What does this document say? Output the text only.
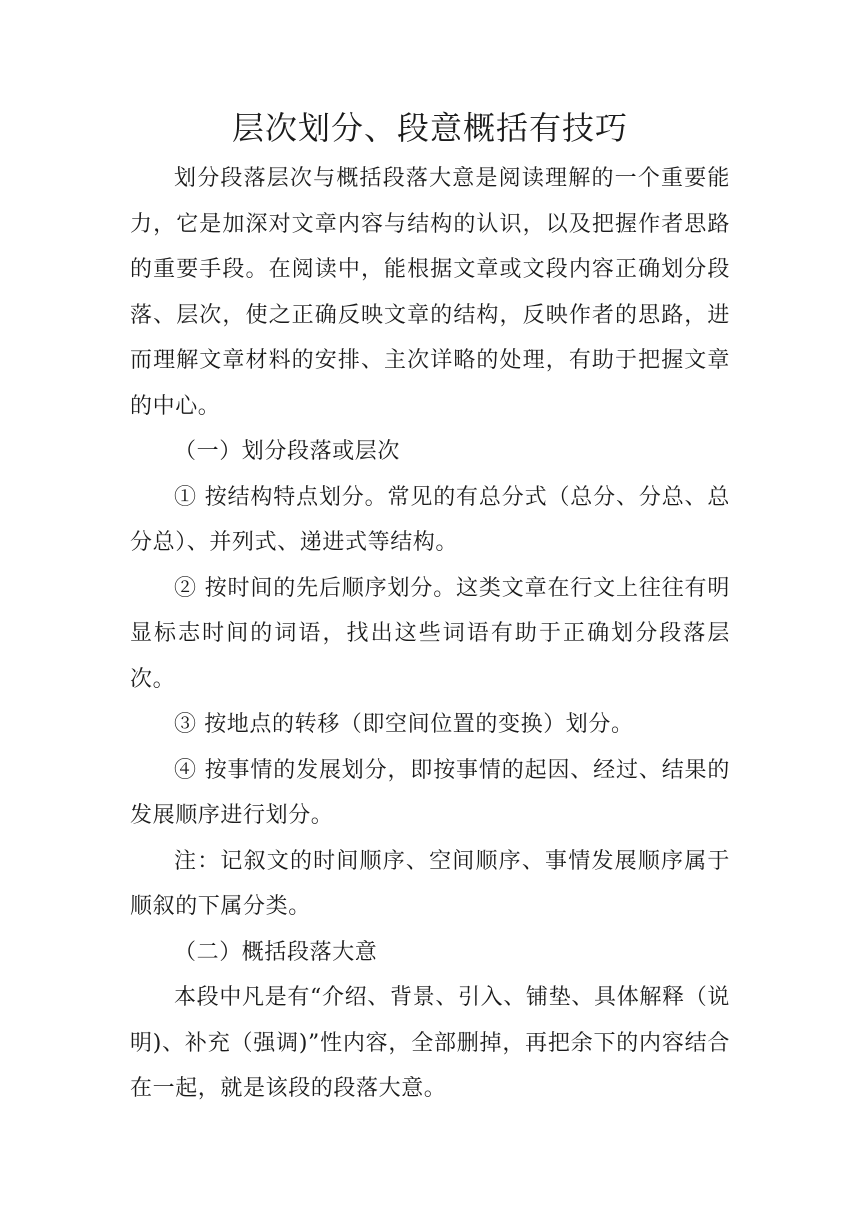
层次划分、段意概括有技巧

划分段落层次与概括段落大意是阅读理解的一个重要能力，它是加深对文章内容与结构的认识，以及把握作者思路的重要手段。在阅读中，能根据文章或文段内容正确划分段落、层次，使之正确反映文章的结构，反映作者的思路，进而理解文章材料的安排、主次详略的处理，有助于把握文章的中心。

（一）划分段落或层次

① 按结构特点划分。常见的有总分式（总分、分总、总分总）、并列式、递进式等结构。

② 按时间的先后顺序划分。这类文章在行文上往往有明显标志时间的词语，找出这些词语有助于正确划分段落层次。

③ 按地点的转移（即空间位置的变换）划分。

④ 按事情的发展划分，即按事情的起因、经过、结果的发展顺序进行划分。

注：记叙文的时间顺序、空间顺序、事情发展顺序属于顺叙的下属分类。

（二）概括段落大意

本段中凡是有“介绍、背景、引入、铺垫、具体解释（说明)、补充（强调)”性内容，全部删掉，再把余下的内容结合在一起，就是该段的段落大意。
